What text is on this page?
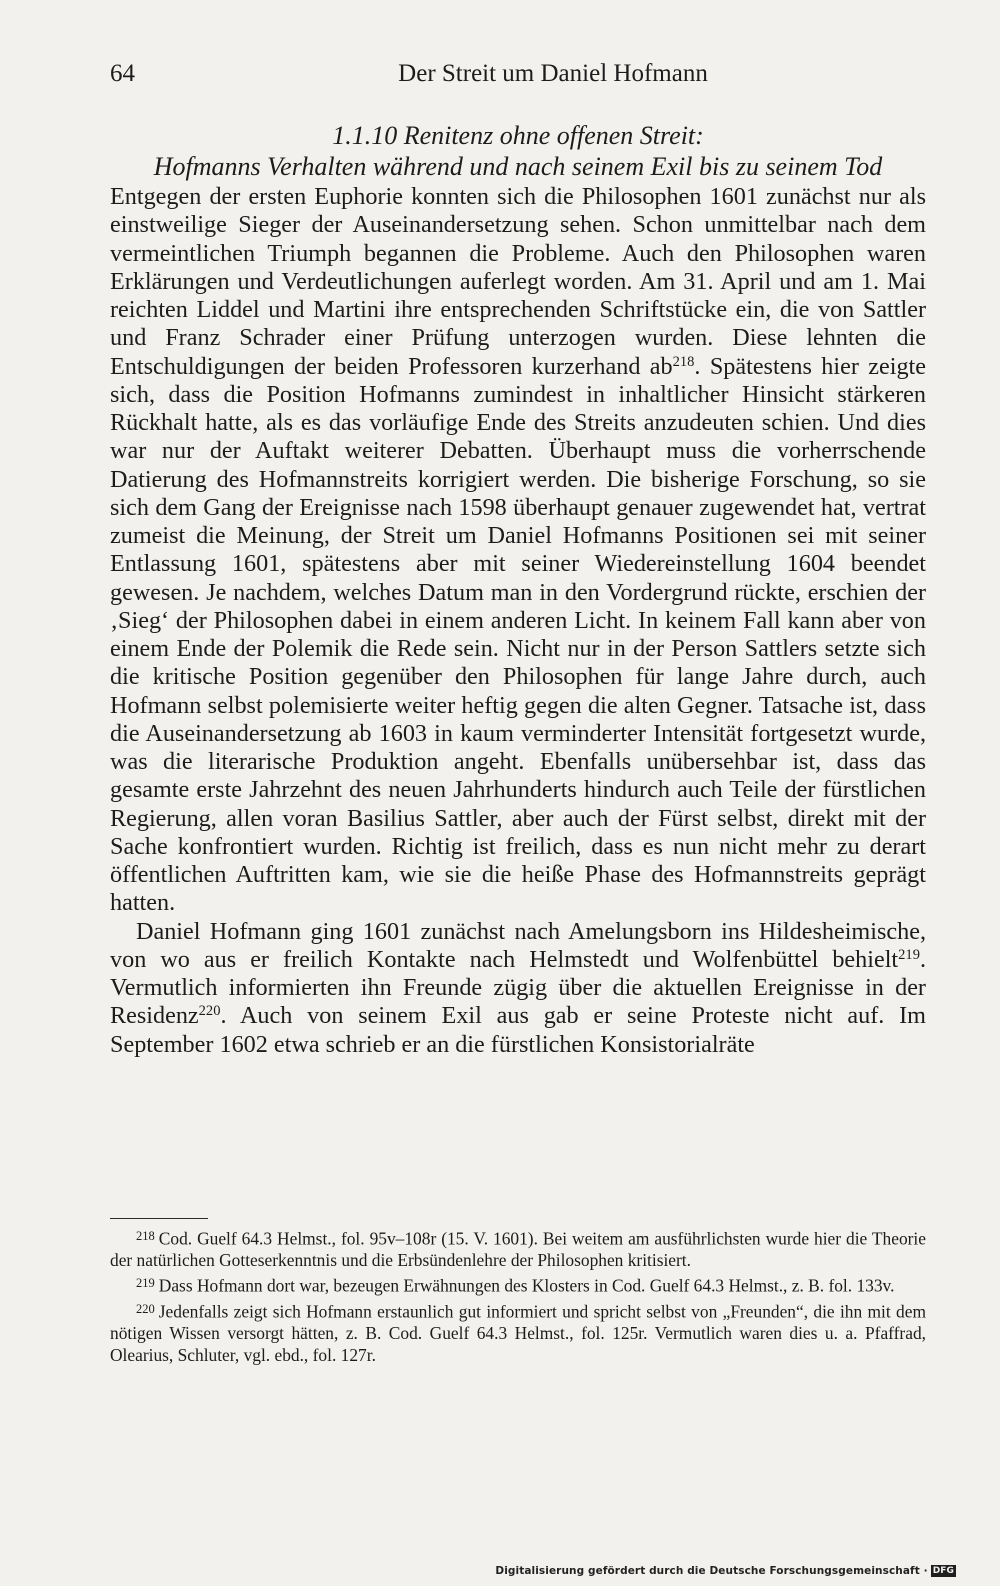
64	Der Streit um Daniel Hofmann
1.1.10 Renitenz ohne offenen Streit:
Hofmanns Verhalten während und nach seinem Exil bis zu seinem Tod

Entgegen der ersten Euphorie konnten sich die Philosophen 1601 zunächst nur als einstweilige Sieger der Auseinandersetzung sehen. Schon unmittelbar nach dem vermeintlichen Triumph begannen die Probleme. Auch den Philosophen waren Erklärungen und Verdeutlichungen auferlegt worden. Am 31. April und am 1. Mai reichten Liddel und Martini ihre entsprechenden Schriftstücke ein, die von Sattler und Franz Schrader einer Prüfung unterzogen wurden. Diese lehnten die Entschuldigungen der beiden Professoren kurzerhand $ab^{218}$. Spätestens hier zeigte sich, dass die Position Hofmanns zumindest in inhaltlicher Hinsicht stärkeren Rückhalt hatte, als es das vorläufige Ende des Streits anzudeuten schien. Und dies war nur der Auftakt weiterer Debatten. Überhaupt muss die vorherrschende Datierung des Hofmannstreits korrigiert werden. Die bisherige Forschung, so sie sich dem Gang der Ereignisse nach 1598 überhaupt genauer zugewendet hat, vertrat zumeist die Meinung, der Streit um Daniel Hofmanns Positionen sei mit seiner Entlassung 1601, spätestens aber mit seiner Wiedereinstellung 1604 beendet gewesen. Je nachdem, welches Datum man in den Vordergrund rückte, erschien der ‚Sieg‘ der Philosophen dabei in einem anderen Licht. In keinem Fall kann aber von einem Ende der Polemik die Rede sein. Nicht nur in der Person Sattlers setzte sich die kritische Position gegenüber den Philosophen für lange Jahre durch, auch Hofmann selbst polemisierte weiter heftig gegen die alten Gegner. Tatsache ist, dass die Auseinandersetzung ab 1603 in kaum verminderter Intensität fortgesetzt wurde, was die literarische Produktion angeht. Ebenfalls unübersehbar ist, dass das gesamte erste Jahrzehnt des neuen Jahrhunderts hindurch auch Teile der fürstlichen Regierung, allen voran Basilius Sattler, aber auch der Fürst selbst, direkt mit der Sache konfrontiert wurden. Richtig ist freilich, dass es nun nicht mehr zu derart öffentlichen Auftritten kam, wie sie die heiße Phase des Hofmannstreits geprägt hatten.

Daniel Hofmann ging 1601 zunächst nach Amelungsborn ins Hildesheimische, von wo aus er freilich Kontakte nach Helmstedt und Wolfenbüttel behielt$^{219}$. Vermutlich informierten ihn Freunde zügig über die aktuellen Ereignisse in der Residenz$^{220}$. Auch von seinem Exil aus gab er seine Proteste nicht auf. Im September 1602 etwa schrieb er an die fürstlichen Konsistorialräte

$^{218}$ Cod. Guelf 64.3 Helmst., fol. 95v–108r (15. V. 1601). Bei weitem am ausführlichsten wurde hier die Theorie der natürlichen Gotteserkenntnis und die Erbsündenlehre der Philosophen kritisiert.

$^{219}$ Dass Hofmann dort war, bezeugen Erwähnungen des Klosters in Cod. Guelf 64.3 Helmst., z. B. fol. 133v.

$^{220}$ Jedenfalls zeigt sich Hofmann erstaunlich gut informiert und spricht selbst von „Freunden“, die ihn mit dem nötigen Wissen versorgt hätten, z. B. Cod. Guelf 64.3 Helmst., fol. 125r. Vermutlich waren dies u. a. Pfaffrad, Olearius, Schluter, vgl. ebd., fol. 127r.

Digitalisierung gefördert durch die Deutsche Forschungsgemeinschaft · DFG
